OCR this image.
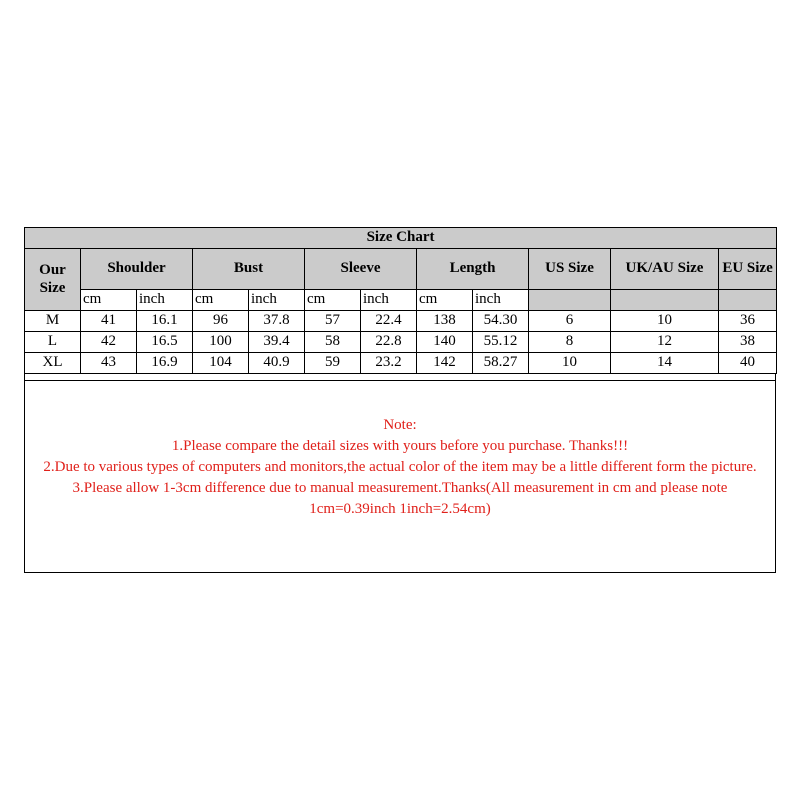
Size Chart											
Our Size	Shoulder		Bust		Sleeve		Length		US Size	UK/AU Size	EU Size
	cm	inch	cm	inch	cm	inch	cm	inch			
M	41	16.1	96	37.8	57	22.4	138	54.30	6	10	36
L	42	16.5	100	39.4	58	22.8	140	55.12	8	12	38
XL	43	16.9	104	40.9	59	23.2	142	58.27	10	14	40
Note:
1.Please compare the detail sizes with yours before you purchase. Thanks!!!
2.Due to various types of computers and monitors,the actual color of the item may be a little different form the picture.
3.Please allow 1-3cm difference due to manual measurement.Thanks(All measurement in cm and please note 1cm=0.39inch 1inch=2.54cm)
